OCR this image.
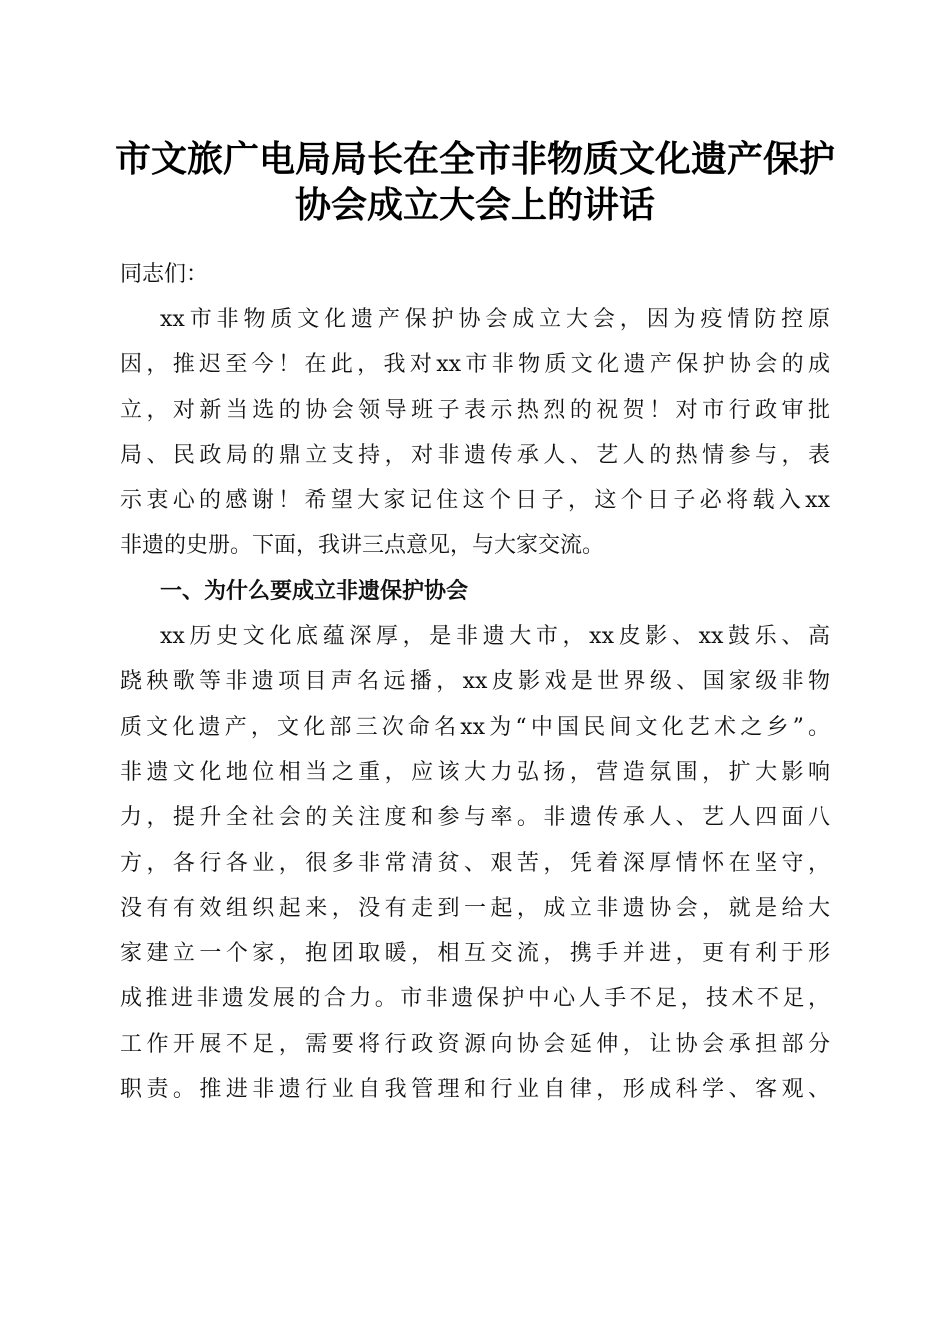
市文旅广电局局长在全市非物质文化遗产保护
协会成立大会上的讲话

同志们：

xx市非物质文化遗产保护协会成立大会，因为疫情防控原
因，推迟至今！在此，我对xx市非物质文化遗产保护协会的成
立，对新当选的协会领导班子表示热烈的祝贺！对市行政审批
局、民政局的鼎立支持，对非遗传承人、艺人的热情参与，表
示衷心的感谢！希望大家记住这个日子，这个日子必将载入xx
非遗的史册。下面，我讲三点意见，与大家交流。

一、为什么要成立非遗保护协会

xx历史文化底蕴深厚，是非遗大市，xx皮影、xx鼓乐、高
跷秧歌等非遗项目声名远播，xx皮影戏是世界级、国家级非物
质文化遗产，文化部三次命名xx为“中国民间文化艺术之乡”。
非遗文化地位相当之重，应该大力弘扬，营造氛围，扩大影响
力，提升全社会的关注度和参与率。非遗传承人、艺人四面八
方，各行各业，很多非常清贫、艰苦，凭着深厚情怀在坚守，
没有有效组织起来，没有走到一起，成立非遗协会，就是给大
家建立一个家，抱团取暖，相互交流，携手并进，更有利于形
成推进非遗发展的合力。市非遗保护中心人手不足，技术不足，
工作开展不足，需要将行政资源向协会延伸，让协会承担部分
职责。推进非遗行业自我管理和行业自律，形成科学、客观、
